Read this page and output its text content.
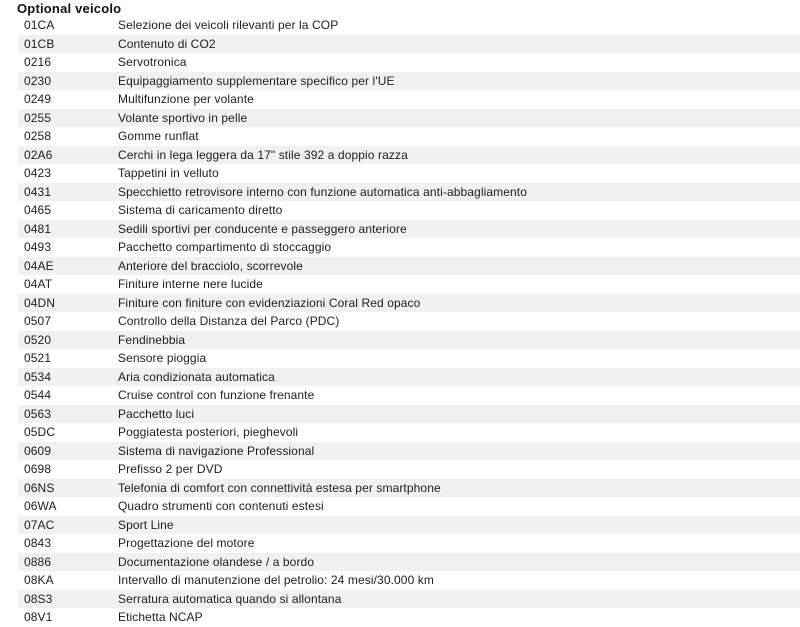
Optional veicolo
01CA	Selezione dei veicoli rilevanti per la COP
01CB	Contenuto di CO2
0216	Servotronica
0230	Equipaggiamento supplementare specifico per l'UE
0249	Multifunzione per volante
0255	Volante sportivo in pelle
0258	Gomme runflat
02A6	Cerchi in lega leggera da 17" stile 392 a doppio razza
0423	Tappetini in velluto
0431	Specchietto retrovisore interno con funzione automatica anti-abbagliamento
0465	Sistema di caricamento diretto
0481	Sedili sportivi per conducente e passeggero anteriore
0493	Pacchetto compartimento di stoccaggio
04AE	Anteriore del bracciolo, scorrevole
04AT	Finiture interne nere lucide
04DN	Finiture con finiture con evidenziazioni Coral Red opaco
0507	Controllo della Distanza del Parco (PDC)
0520	Fendinebbia
0521	Sensore pioggia
0534	Aria condizionata automatica
0544	Cruise control con funzione frenante
0563	Pacchetto luci
05DC	Poggiatesta posteriori, pieghevoli
0609	Sistema di navigazione Professional
0698	Prefisso 2 per DVD
06NS	Telefonia di comfort con connettività estesa per smartphone
06WA	Quadro strumenti con contenuti estesi
07AC	Sport Line
0843	Progettazione del motore
0886	Documentazione olandese / a bordo
08KA	Intervallo di manutenzione del petrolio: 24 mesi/30.000 km
08S3	Serratura automatica quando si allontana
08V1	Etichetta NCAP
